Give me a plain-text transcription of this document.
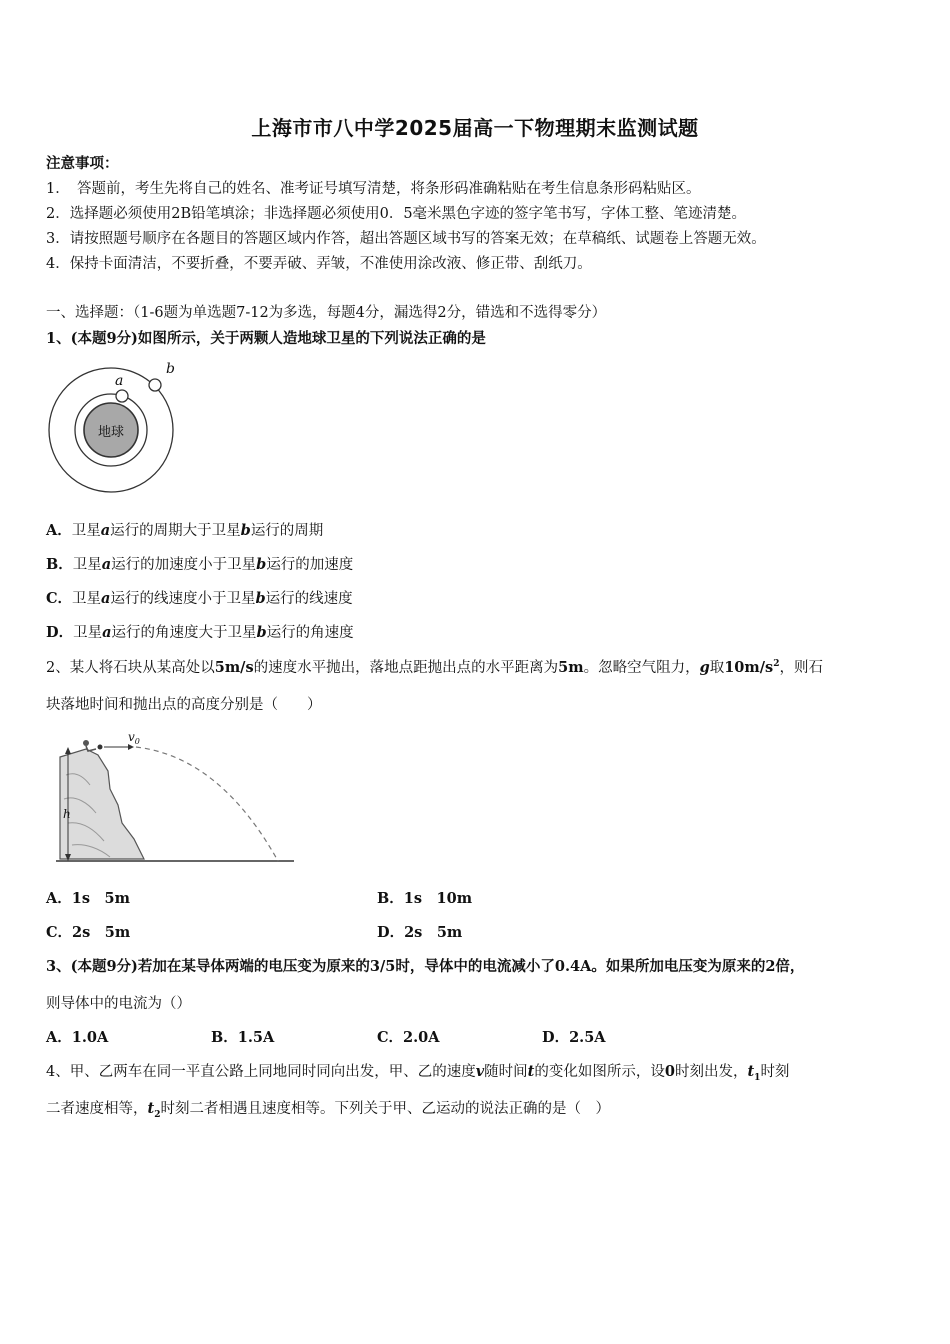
上海市市八中学2025届高一下物理期末监测试题
注意事项：
1．　答题前，考生先将自己的姓名、准考证号填写清楚，将条形码准确粘贴在考生信息条形码粘贴区。
2．选择题必须使用2B铅笔填涂；非选择题必须使用0．5毫米黑色字迹的签字笔书写，字体工整、笔迹清楚。
3．请按照题号顺序在各题目的答题区域内作答，超出答题区域书写的答案无效；在草稿纸、试题卷上答题无效。
4．保持卡面清洁，不要折叠，不要弄破、弄皱，不准使用涂改液、修正带、刮纸刀。
一、选择题：（1-6题为单选题7-12为多选，每题4分，漏选得2分，错选和不选得零分）
1、(本题9分)如图所示，关于两颗人造地球卫星的下列说法正确的是
地球
a
b
A．卫星a运行的周期大于卫星b运行的周期
B．卫星a运行的加速度小于卫星b运行的加速度
C．卫星a运行的线速度小于卫星b运行的线速度
D．卫星a运行的角速度大于卫星b运行的角速度
2、某人将石块从某高处以5m/s的速度水平抛出，落地点距抛出点的水平距离为5m。忽略空气阻力，g取$10m/s^2$，则石
块落地时间和抛出点的高度分别是（　　）
h
$v_0$
A．1s　5m	B．1s　10m
C．2s　5m	D．2s　5m
3、(本题9分)若加在某导体两端的电压变为原来的3/5时，导体中的电流减小了0.4A。如果所加电压变为原来的2倍，
则导体中的电流为（）
A．1.0A	B．1.5A	C．2.0A	D．2.5A
4、甲、乙两车在同一平直公路上同地同时同向出发，甲、乙的速度v随时间t的变化如图所示，设0时刻出发，$t_1$时刻
二者速度相等，$t_2$时刻二者相遇且速度相等。下列关于甲、乙运动的说法正确的是（　）
